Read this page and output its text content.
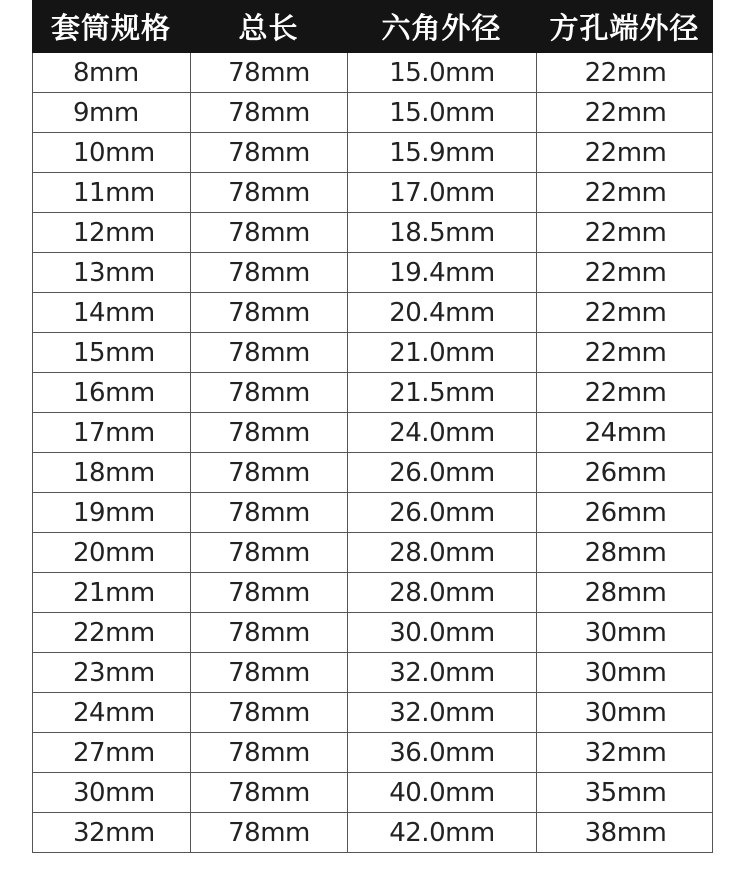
套筒规格	总长	六角外径	方孔端外径
8mm	78mm	15.0mm	22mm
9mm	78mm	15.0mm	22mm
10mm	78mm	15.9mm	22mm
11mm	78mm	17.0mm	22mm
12mm	78mm	18.5mm	22mm
13mm	78mm	19.4mm	22mm
14mm	78mm	20.4mm	22mm
15mm	78mm	21.0mm	22mm
16mm	78mm	21.5mm	22mm
17mm	78mm	24.0mm	24mm
18mm	78mm	26.0mm	26mm
19mm	78mm	26.0mm	26mm
20mm	78mm	28.0mm	28mm
21mm	78mm	28.0mm	28mm
22mm	78mm	30.0mm	30mm
23mm	78mm	32.0mm	30mm
24mm	78mm	32.0mm	30mm
27mm	78mm	36.0mm	32mm
30mm	78mm	40.0mm	35mm
32mm	78mm	42.0mm	38mm
